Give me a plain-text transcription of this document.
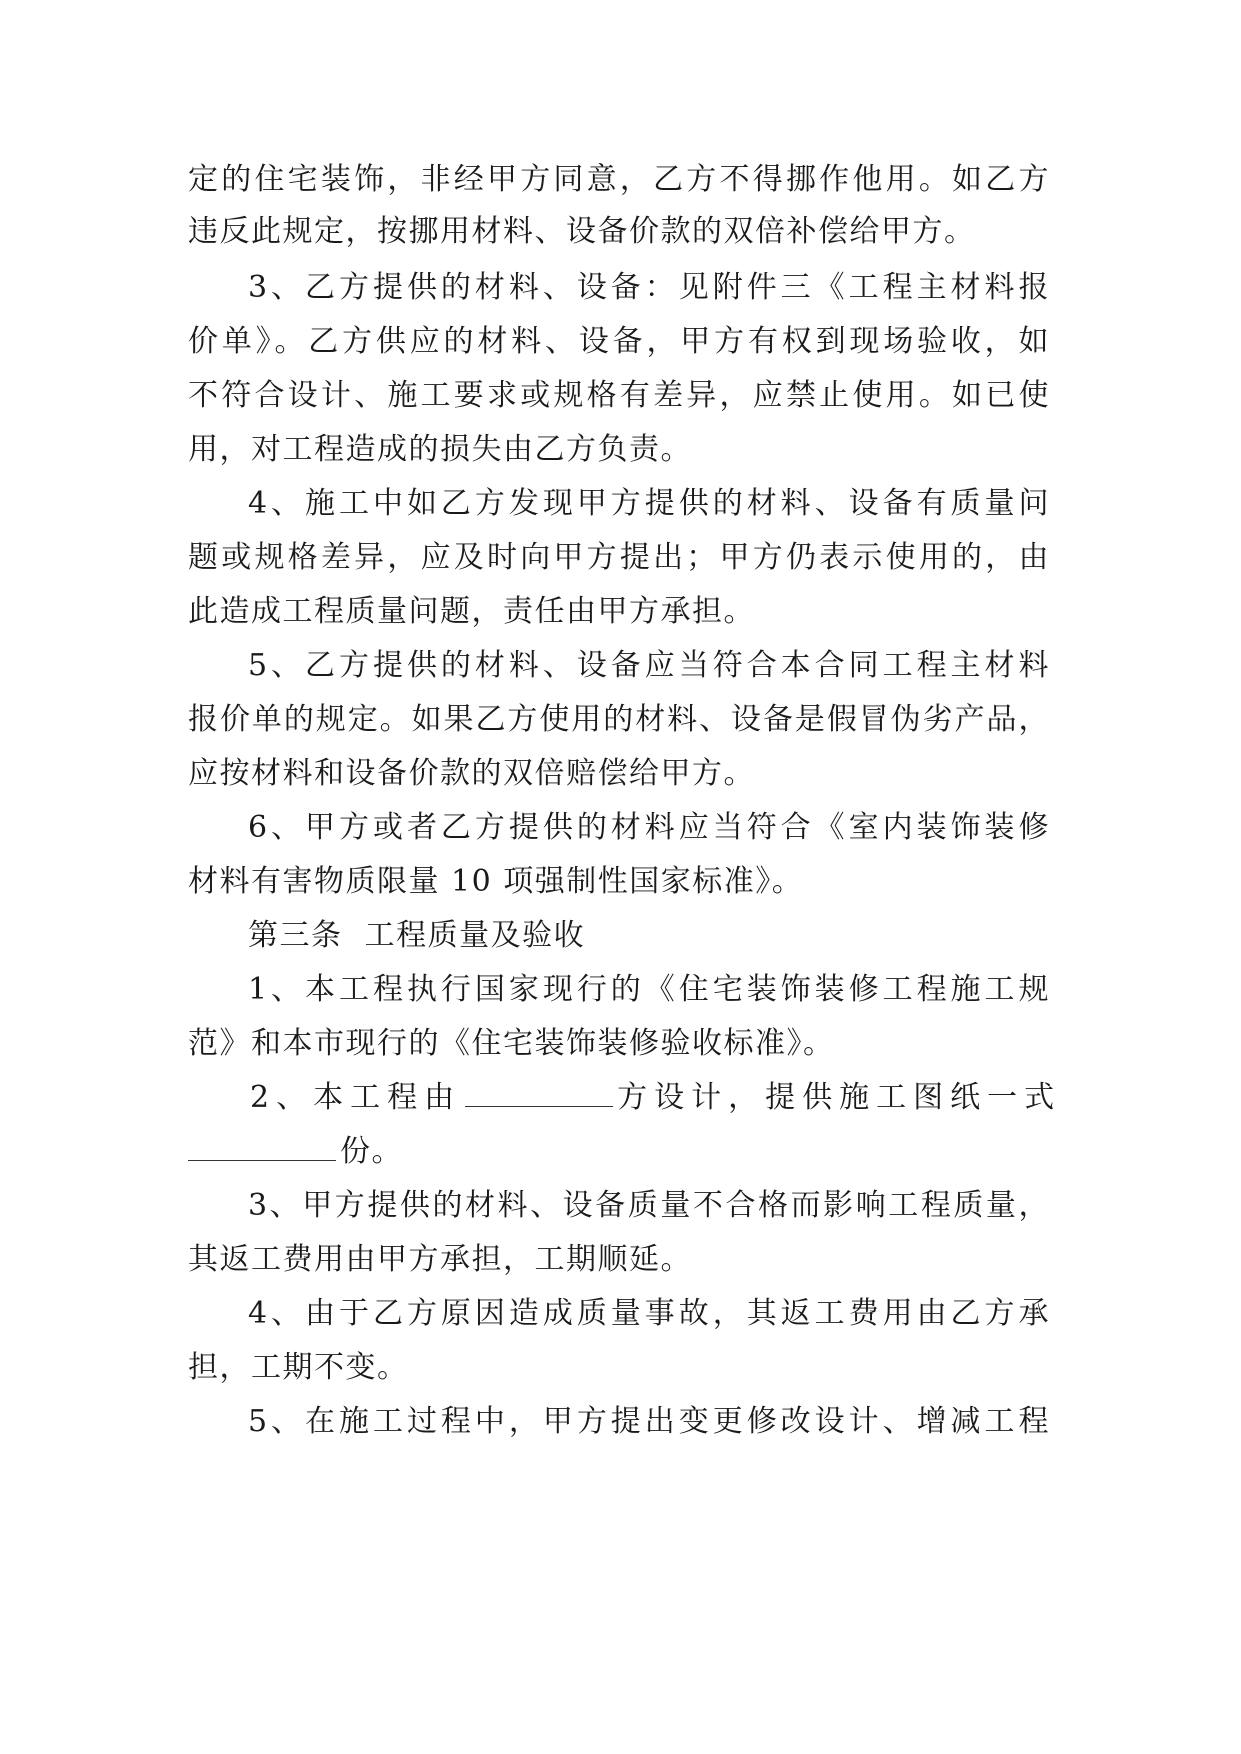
定的住宅装饰，非经甲方同意，乙方不得挪作他用。如乙方
违反此规定，按挪用材料、设备价款的双倍补偿给甲方。
3、乙方提供的材料、设备：见附件三《工程主材料报
价单》。乙方供应的材料、设备，甲方有权到现场验收，如
不符合设计、施工要求或规格有差异，应禁止使用。如已使
用，对工程造成的损失由乙方负责。
4、施工中如乙方发现甲方提供的材料、设备有质量问
题或规格差异，应及时向甲方提出；甲方仍表示使用的，由
此造成工程质量问题，责任由甲方承担。
5、乙方提供的材料、设备应当符合本合同工程主材料
报价单的规定。如果乙方使用的材料、设备是假冒伪劣产品，
应按材料和设备价款的双倍赔偿给甲方。
6、甲方或者乙方提供的材料应当符合《室内装饰装修
材料有害物质限量 10 项强制性国家标准》。
第三条  工程质量及验收
1、本工程执行国家现行的《住宅装饰装修工程施工规
范》和本市现行的《住宅装饰装修验收标准》。
2、本工程由	方设计，提供施工图纸一式
份。
3、甲方提供的材料、设备质量不合格而影响工程质量，
其返工费用由甲方承担，工期顺延。
4、由于乙方原因造成质量事故，其返工费用由乙方承
担，工期不变。
5、在施工过程中，甲方提出变更修改设计、增减工程
